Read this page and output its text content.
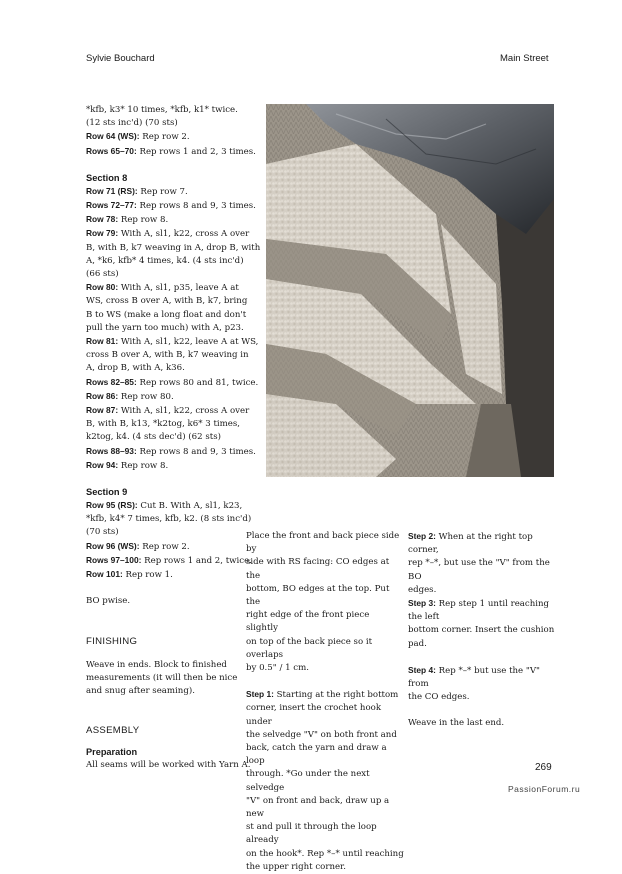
Sylvie Bouchard	Main Street
*kfb, k3* 10 times, *kfb, k1* twice.
(12 sts inc'd) (70 sts)
Row 64 (WS): Rep row 2.
Rows 65–70: Rep rows 1 and 2, 3 times.
Section 8
Row 71 (RS): Rep row 7.
Rows 72–77: Rep rows 8 and 9, 3 times.
Row 78: Rep row 8.
Row 79: With A, sl1, k22, cross A over
B, with B, k7 weaving in A, drop B, with
A, *k6, kfb* 4 times, k4. (4 sts inc'd)
(66 sts)
Row 80: With A, sl1, p35, leave A at
WS, cross B over A, with B, k7, bring
B to WS (make a long float and don't
pull the yarn too much) with A, p23.
Row 81: With A, sl1, k22, leave A at WS,
cross B over A, with B, k7 weaving in
A, drop B, with A, k36.
Rows 82–85: Rep rows 80 and 81, twice.
Row 86: Rep row 80.
Row 87: With A, sl1, k22, cross A over
B, with B, k13, *k2tog, k6* 3 times,
k2tog, k4. (4 sts dec'd) (62 sts)
Rows 88–93: Rep rows 8 and 9, 3 times.
Row 94: Rep row 8.
Section 9
Row 95 (RS): Cut B. With A, sl1, k23,
*kfb, k4* 7 times, kfb, k2. (8 sts inc'd)
(70 sts)
Row 96 (WS): Rep row 2.
Rows 97–100: Rep rows 1 and 2, twice.
Row 101: Rep row 1.
BO pwise.
FINISHING
Weave in ends. Block to finished
measurements (it will then be nice
and snug after seaming).
ASSEMBLY
Preparation
All seams will be worked with Yarn A.
Place the front and back piece side by
side with RS facing: CO edges at the
bottom, BO edges at the top. Put the
right edge of the front piece slightly
on top of the back piece so it overlaps
by 0.5" / 1 cm.
Step 1: Starting at the right bottom
corner, insert the crochet hook under
the selvedge "V" on both front and
back, catch the yarn and draw a loop
through. *Go under the next selvedge
"V" on front and back, draw up a new
st and pull it through the loop already
on the hook*. Rep *–* until reaching
the upper right corner.
Step 2: When at the right top corner,
rep *–*, but use the "V" from the BO
edges.
Step 3: Rep step 1 until reaching the left
bottom corner. Insert the cushion pad.
Step 4: Rep *–* but use the "V" from
the CO edges.
Weave in the last end.
269
PassionForum.ru
